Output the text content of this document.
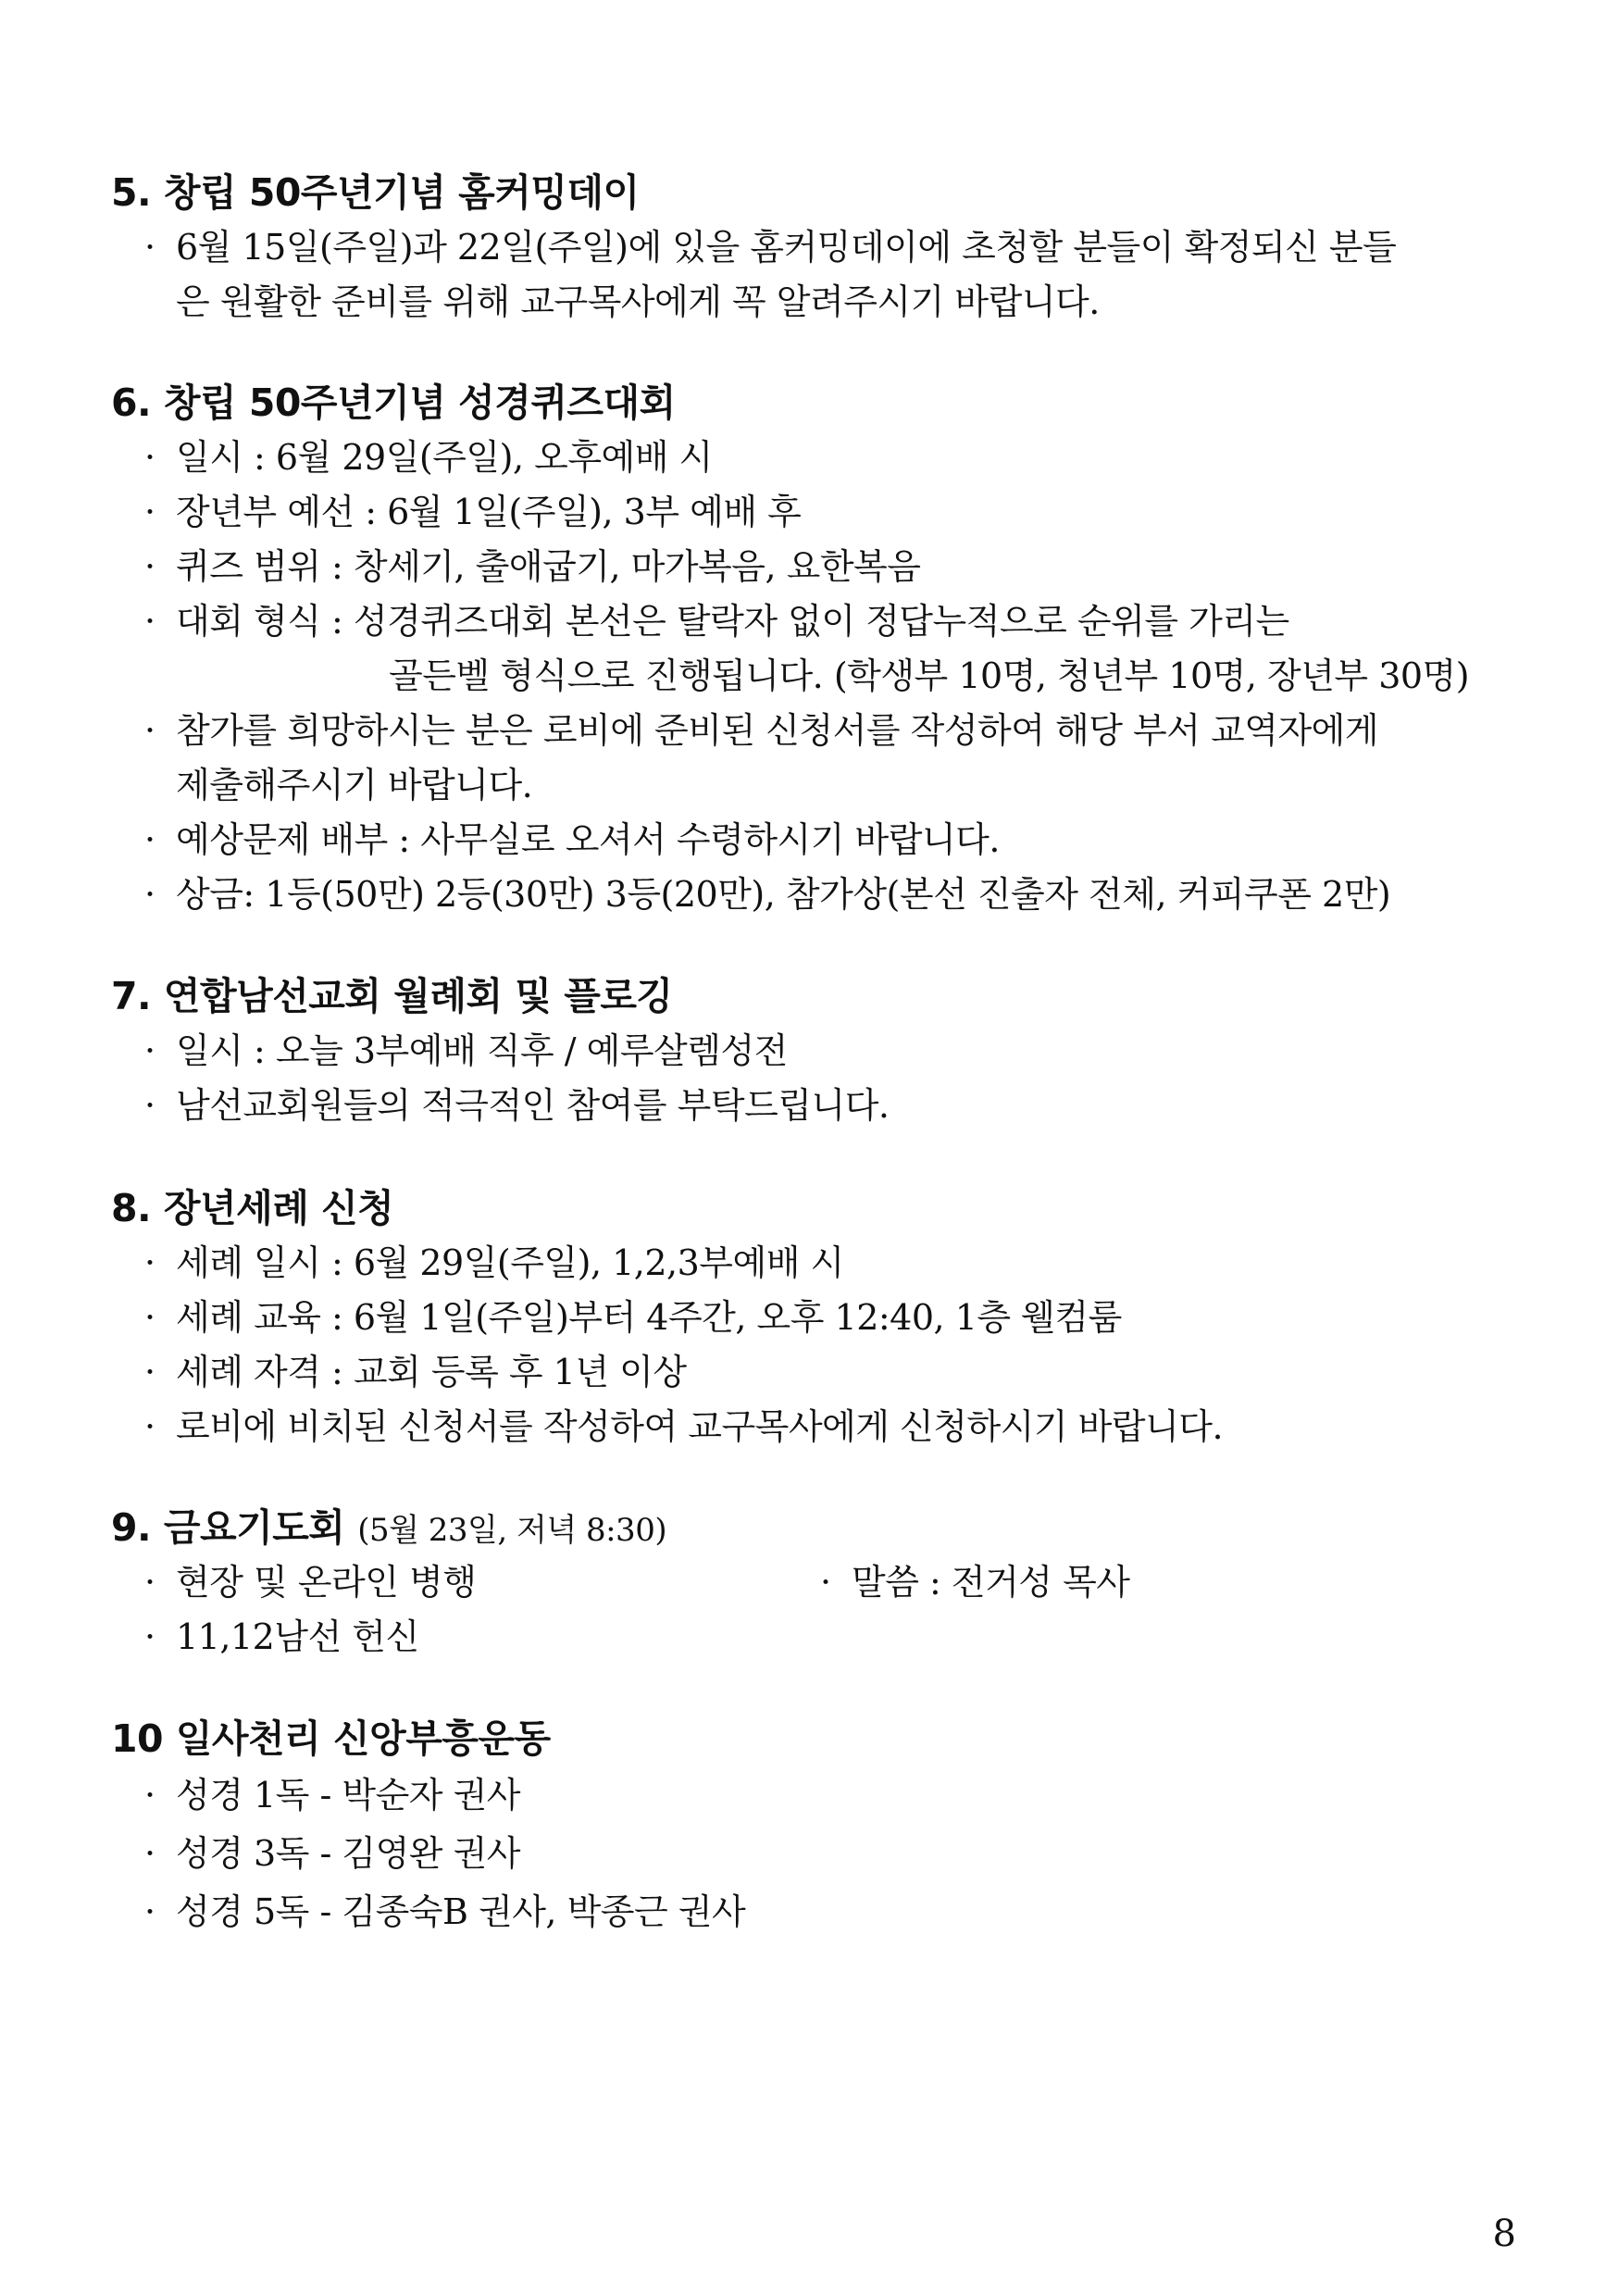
5. 창립 50주년기념 홈커밍데이
· 6월 15일(주일)과 22일(주일)에 있을 홈커밍데이에 초청할 분들이 확정되신 분들
은 원활한 준비를 위해 교구목사에게 꼭 알려주시기 바랍니다.
6. 창립 50주년기념 성경퀴즈대회
· 일시 : 6월 29일(주일), 오후예배 시
· 장년부 예선 : 6월 1일(주일), 3부 예배 후
· 퀴즈 범위 : 창세기, 출애굽기, 마가복음, 요한복음
· 대회 형식 : 성경퀴즈대회 본선은 탈락자 없이 정답누적으로 순위를 가리는
골든벨 형식으로 진행됩니다. (학생부 10명, 청년부 10명, 장년부 30명)
· 참가를 희망하시는 분은 로비에 준비된 신청서를 작성하여 해당 부서 교역자에게
제출해주시기 바랍니다.
· 예상문제 배부 : 사무실로 오셔서 수령하시기 바랍니다.
· 상금: 1등(50만) 2등(30만) 3등(20만), 참가상(본선 진출자 전체, 커피쿠폰 2만)
7. 연합남선교회 월례회 및 플로깅
· 일시 : 오늘 3부예배 직후 / 예루살렘성전
· 남선교회원들의 적극적인 참여를 부탁드립니다.
8. 장년세례 신청
· 세례 일시 : 6월 29일(주일), 1,2,3부예배 시
· 세례 교육 : 6월 1일(주일)부터 4주간, 오후 12:40, 1층 웰컴룸
· 세례 자격 : 교회 등록 후 1년 이상
· 로비에 비치된 신청서를 작성하여 교구목사에게 신청하시기 바랍니다.
9. 금요기도회 (5월 23일, 저녁 8:30)
· 현장 및 온라인 병행	· 말씀 : 전거성 목사
· 11,12남선 헌신
10 일사천리 신앙부흥운동
· 성경 1독 - 박순자 권사
· 성경 3독 - 김영완 권사
· 성경 5독 - 김종숙B 권사, 박종근 권사
8
